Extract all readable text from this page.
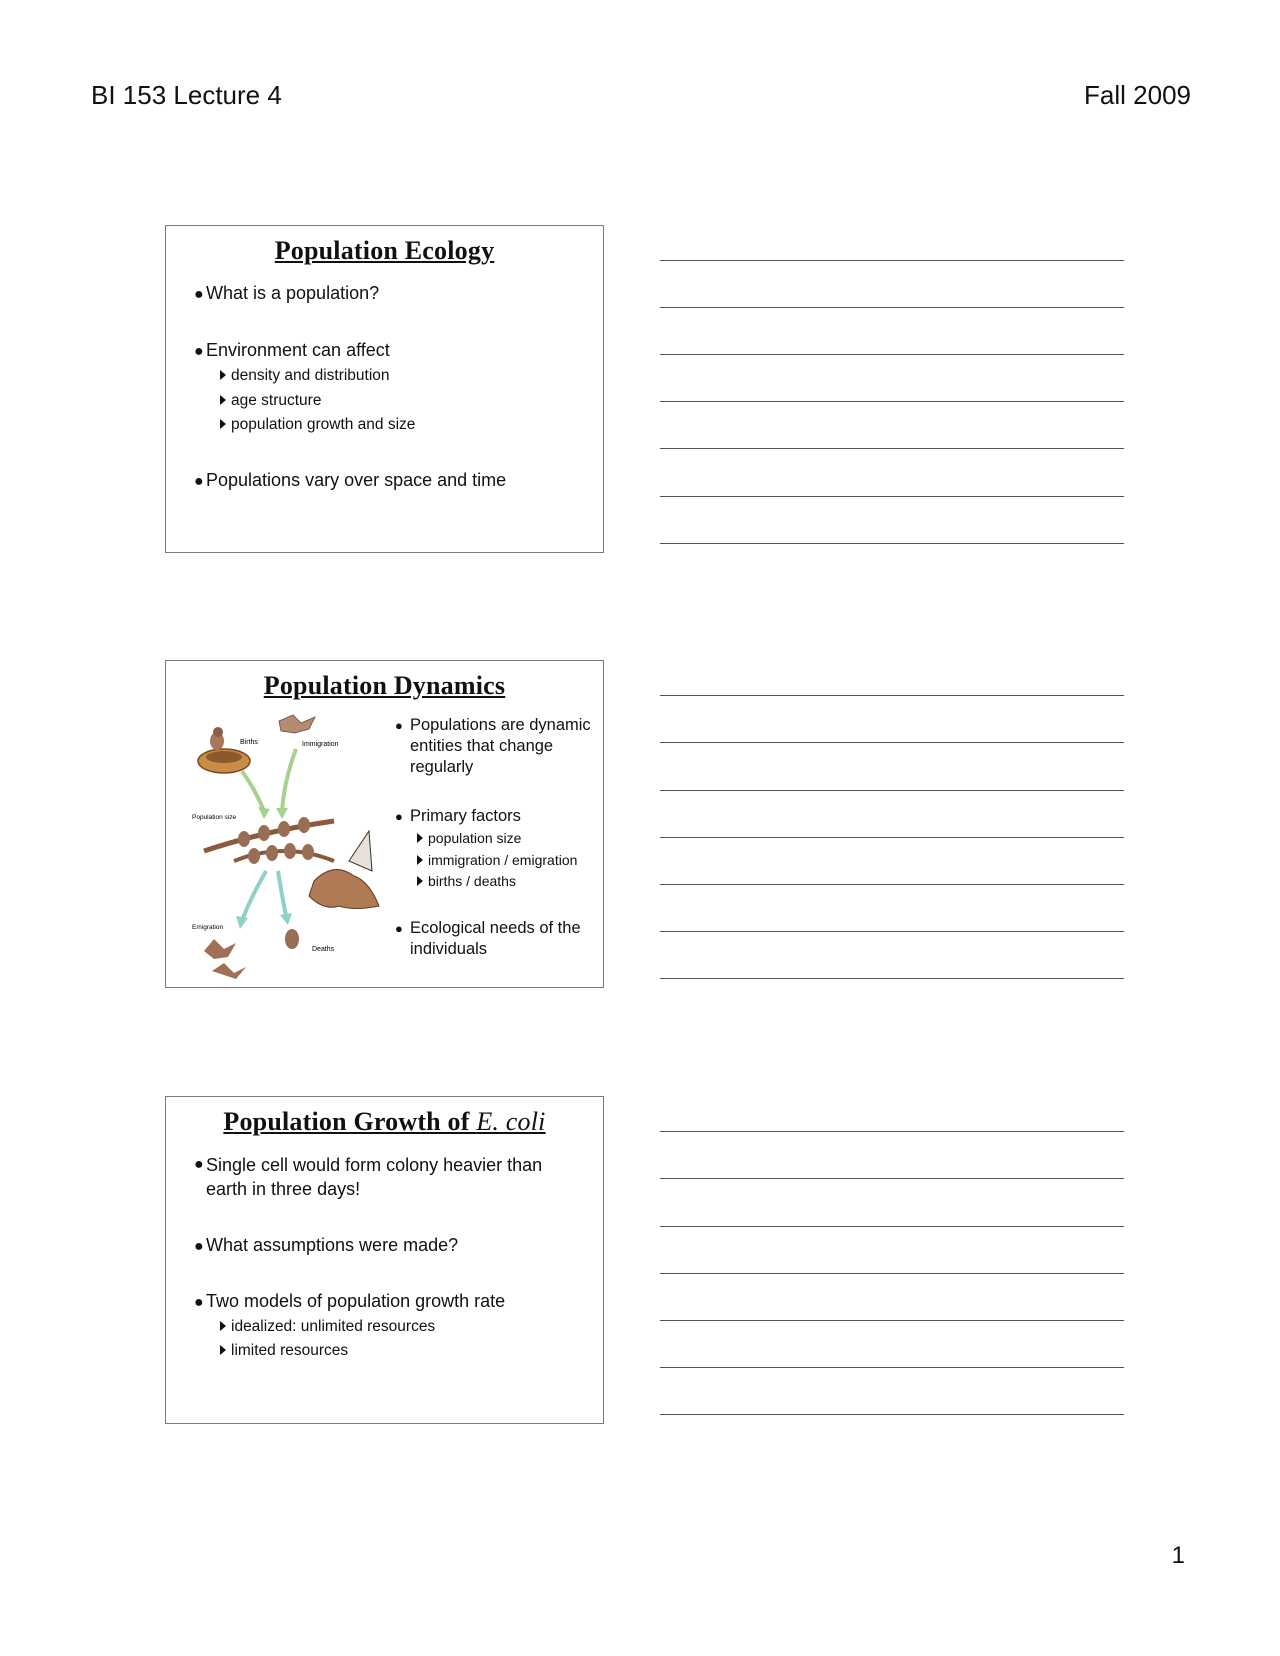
BI 153 Lecture 4	Fall 2009
Population Ecology
● What is a population?
● Environment can affect
density and distribution
age structure
population growth and size
● Populations vary over space and time
Population Dynamics
Births	Immigration
Population size
Emigration
Deaths
● Populations are dynamic entities that change regularly
● Primary factors
population size
immigration / emigration
births / deaths
● Ecological needs of the individuals
Population Growth of E. coli
● Single cell would form colony heavier than earth in three days!
● What assumptions were made?
● Two models of population growth rate
idealized: unlimited resources
limited resources
1
